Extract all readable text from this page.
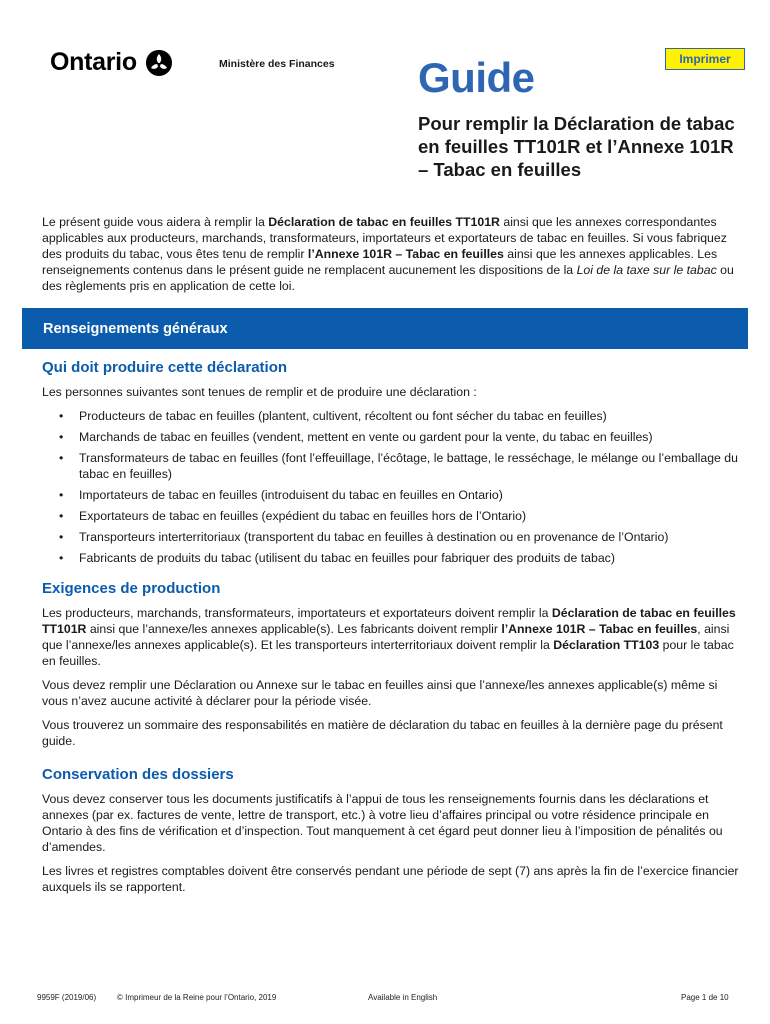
Ontario	Ministère des Finances	Imprimer
Guide
Pour remplir la Déclaration de tabac en feuilles TT101R et l’Annexe 101R – Tabac en feuilles
Le présent guide vous aidera à remplir la Déclaration de tabac en feuilles TT101R ainsi que les annexes correspondantes applicables aux producteurs, marchands, transformateurs, importateurs et exportateurs de tabac en feuilles. Si vous fabriquez des produits du tabac, vous êtes tenu de remplir l’Annexe 101R – Tabac en feuilles ainsi que les annexes applicables. Les renseignements contenus dans le présent guide ne remplacent aucunement les dispositions de la Loi de la taxe sur le tabac ou des règlements pris en application de cette loi.
Renseignements généraux
Qui doit produire cette déclaration
Les personnes suivantes sont tenues de remplir et de produire une déclaration :
• Producteurs de tabac en feuilles (plantent, cultivent, récoltent ou font sécher du tabac en feuilles)
• Marchands de tabac en feuilles (vendent, mettent en vente ou gardent pour la vente, du tabac en feuilles)
• Transformateurs de tabac en feuilles (font l’effeuillage, l’écôtage, le battage, le resséchage, le mélange ou l’emballage du tabac en feuilles)
• Importateurs de tabac en feuilles (introduisent du tabac en feuilles en Ontario)
• Exportateurs de tabac en feuilles (expédient du tabac en feuilles hors de l’Ontario)
• Transporteurs interterritoriaux (transportent du tabac en feuilles à destination ou en provenance de l’Ontario)
• Fabricants de produits du tabac (utilisent du tabac en feuilles pour fabriquer des produits de tabac)
Exigences de production
Les producteurs, marchands, transformateurs, importateurs et exportateurs doivent remplir la Déclaration de tabac en feuilles TT101R ainsi que l’annexe/les annexes applicable(s). Les fabricants doivent remplir l’Annexe 101R – Tabac en feuilles, ainsi que l’annexe/les annexes applicable(s). Et les transporteurs interterritoriaux doivent remplir la Déclaration TT103 pour le tabac en feuilles.
Vous devez remplir une Déclaration ou Annexe sur le tabac en feuilles ainsi que l’annexe/les annexes applicable(s) même si vous n’avez aucune activité à déclarer pour la période visée.
Vous trouverez un sommaire des responsabilités en matière de déclaration du tabac en feuilles à la dernière page du présent guide.
Conservation des dossiers
Vous devez conserver tous les documents justificatifs à l’appui de tous les renseignements fournis dans les déclarations et annexes (par ex. factures de vente, lettre de transport, etc.) à votre lieu d’affaires principal ou votre résidence principale en Ontario à des fins de vérification et d’inspection. Tout manquement à cet égard peut donner lieu à l’imposition de pénalités ou d’amendes.
Les livres et registres comptables doivent être conservés pendant une période de sept (7) ans après la fin de l’exercice financier auxquels ils se rapportent.
9959F (2019/06)	© Imprimeur de la Reine pour l’Ontario, 2019	Available in English	Page 1 de 10
